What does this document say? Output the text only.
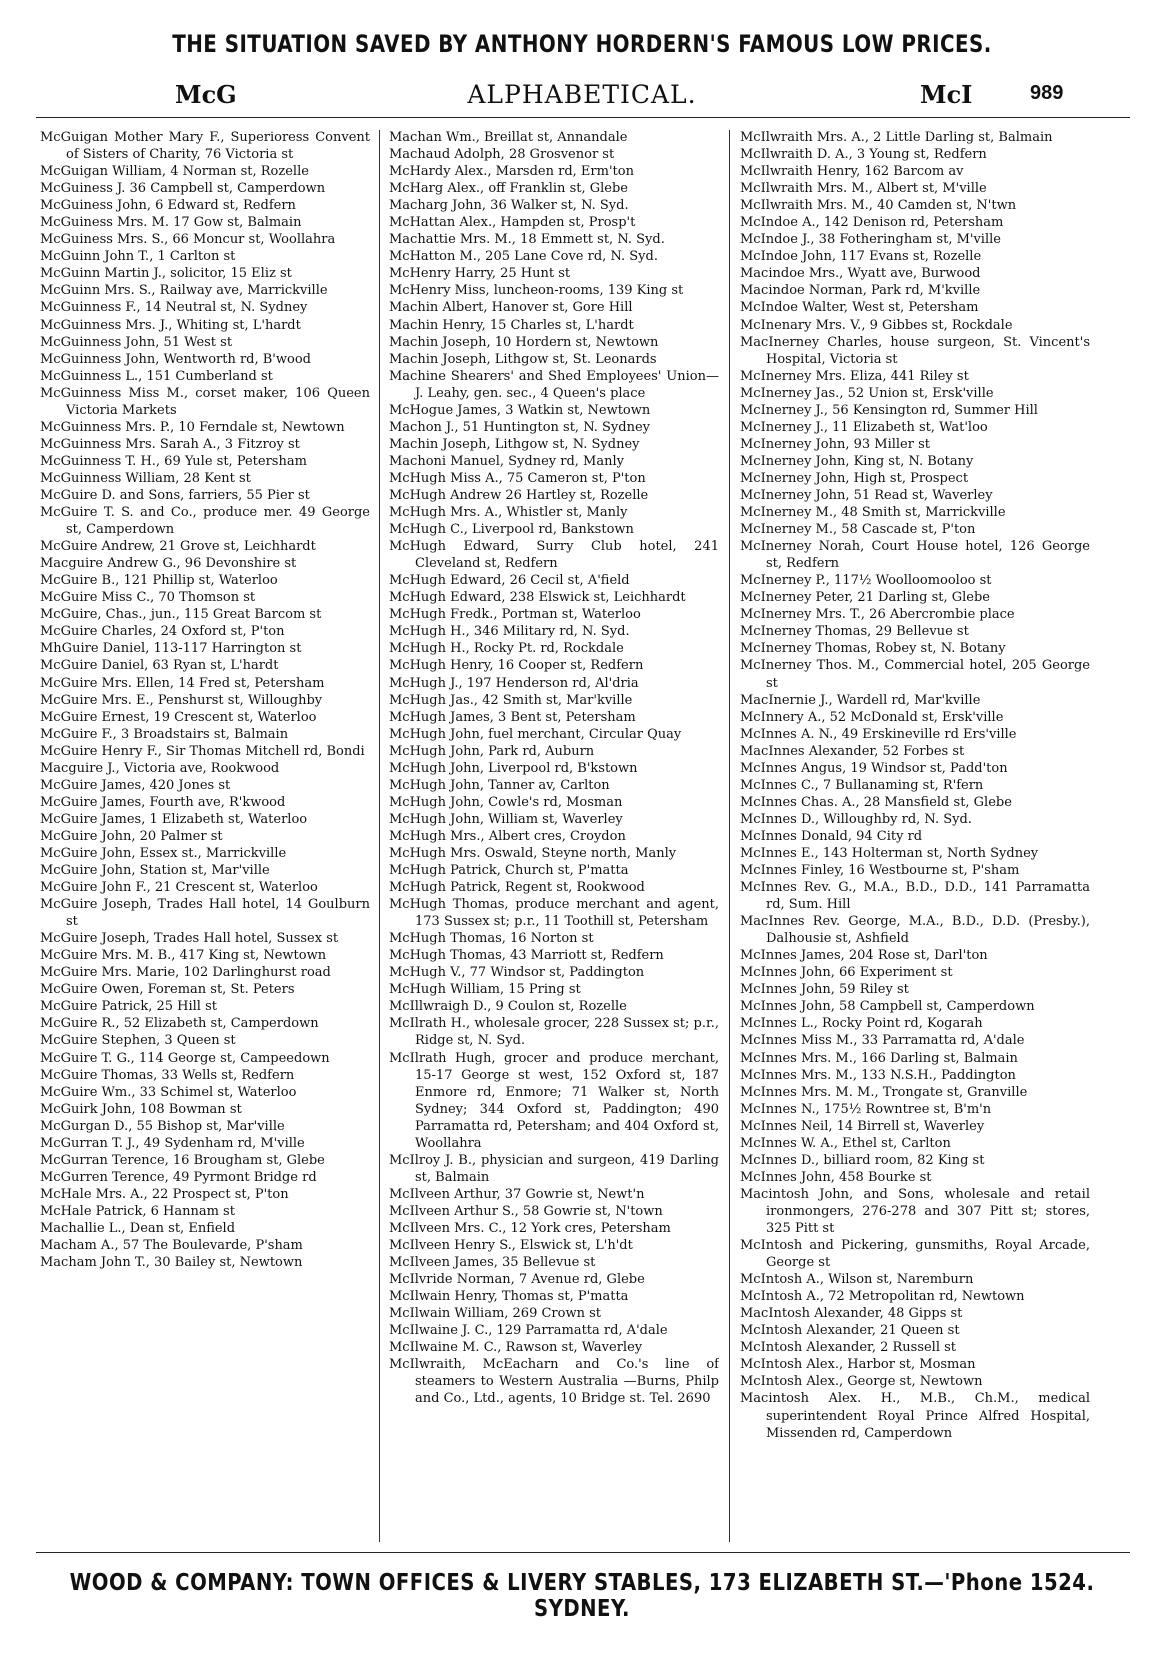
THE SITUATION SAVED BY ANTHONY HORDERN'S FAMOUS LOW PRICES.
McG	ALPHABETICAL.	McI	989

McGuigan Mother Mary F., Superioress Convent of Sisters of Charity, 76 Victoria st

McGuigan William, 4 Norman st, Rozelle

McGuiness J. 36 Campbell st, Camperdown

McGuiness John, 6 Edward st, Redfern

McGuiness Mrs. M. 17 Gow st, Balmain

McGuiness Mrs. S., 66 Moncur st, Woollahra

McGuinn John T., 1 Carlton st

McGuinn Martin J., solicitor, 15 Eliz st

McGuinn Mrs. S., Railway ave, Marrickville

McGuinness F., 14 Neutral st, N. Sydney

McGuinness Mrs. J., Whiting st, L'hardt

McGuinness John, 51 West st

McGuinness John, Wentworth rd, B'wood

McGuinness L., 151 Cumberland st

McGuinness Miss M., corset maker, 106 Queen Victoria Markets

McGuinness Mrs. P., 10 Ferndale st, Newtown

McGuinness Mrs. Sarah A., 3 Fitzroy st

McGuinness T. H., 69 Yule st, Petersham

McGuinness William, 28 Kent st

McGuire D. and Sons, farriers, 55 Pier st

McGuire T. S. and Co., produce mer. 49 George st, Camperdown

McGuire Andrew, 21 Grove st, Leichhardt

Macguire Andrew G., 96 Devonshire st

McGuire B., 121 Phillip st, Waterloo

McGuire Miss C., 70 Thomson st

McGuire, Chas., jun., 115 Great Barcom st

McGuire Charles, 24 Oxford st, P'ton

MhGuire Daniel, 113-117 Harrington st

McGuire Daniel, 63 Ryan st, L'hardt

McGuire Mrs. Ellen, 14 Fred st, Petersham

McGuire Mrs. E., Penshurst st, Willoughby

McGuire Ernest, 19 Crescent st, Waterloo

McGuire F., 3 Broadstairs st, Balmain

McGuire Henry F., Sir Thomas Mitchell rd, Bondi

Macguire J., Victoria ave, Rookwood

McGuire James, 420 Jones st

McGuire James, Fourth ave, R'kwood

McGuire James, 1 Elizabeth st, Waterloo

McGuire John, 20 Palmer st

McGuire John, Essex st., Marrickville

McGuire John, Station st, Mar'ville

McGuire John F., 21 Crescent st, Waterloo

McGuire Joseph, Trades Hall hotel, 14 Goulburn st

McGuire Joseph, Trades Hall hotel, Sussex st

McGuire Mrs. M. B., 417 King st, Newtown

McGuire Mrs. Marie, 102 Darlinghurst road

McGuire Owen, Foreman st, St. Peters

McGuire Patrick, 25 Hill st

McGuire R., 52 Elizabeth st, Camperdown

McGuire Stephen, 3 Queen st

McGuire T. G., 114 George st, Campeedown

McGuire Thomas, 33 Wells st, Redfern

McGuire Wm., 33 Schimel st, Waterloo

McGuirk John, 108 Bowman st

McGurgan D., 55 Bishop st, Mar'ville

McGurran T. J., 49 Sydenham rd, M'ville

McGurran Terence, 16 Brougham st, Glebe

McGurren Terence, 49 Pyrmont Bridge rd

McHale Mrs. A., 22 Prospect st, P'ton

McHale Patrick, 6 Hannam st

Machallie L., Dean st, Enfield

Macham A., 57 The Boulevarde, P'sham

Macham John T., 30 Bailey st, Newtown

Machan Wm., Breillat st, Annandale

Machaud Adolph, 28 Grosvenor st

McHardy Alex., Marsden rd, Erm'ton

McHarg Alex., off Franklin st, Glebe

Macharg John, 36 Walker st, N. Syd.

McHattan Alex., Hampden st, Prosp't

Machattie Mrs. M., 18 Emmett st, N. Syd.

McHatton M., 205 Lane Cove rd, N. Syd.

McHenry Harry, 25 Hunt st

McHenry Miss, luncheon-rooms, 139 King st

Machin Albert, Hanover st, Gore Hill

Machin Henry, 15 Charles st, L'hardt

Machin Joseph, 10 Hordern st, Newtown

Machin Joseph, Lithgow st, St. Leonards

Machine Shearers' and Shed Employees' Union—J. Leahy, gen. sec., 4 Queen's place

McHogue James, 3 Watkin st, Newtown

Machon J., 51 Huntington st, N. Sydney

Machin Joseph, Lithgow st, N. Sydney

Machoni Manuel, Sydney rd, Manly

McHugh Miss A., 75 Cameron st, P'ton

McHugh Andrew 26 Hartley st, Rozelle

McHugh Mrs. A., Whistler st, Manly

McHugh C., Liverpool rd, Bankstown

McHugh Edward, Surry Club hotel, 241 Cleveland st, Redfern

McHugh Edward, 26 Cecil st, A'field

McHugh Edward, 238 Elswick st, Leichhardt

McHugh Fredk., Portman st, Waterloo

McHugh H., 346 Military rd, N. Syd.

McHugh H., Rocky Pt. rd, Rockdale

McHugh Henry, 16 Cooper st, Redfern

McHugh J., 197 Henderson rd, Al'dria

McHugh Jas., 42 Smith st, Mar'kville

McHugh James, 3 Bent st, Petersham

McHugh John, fuel merchant, Circular Quay

McHugh John, Park rd, Auburn

McHugh John, Liverpool rd, B'kstown

McHugh John, Tanner av, Carlton

McHugh John, Cowle's rd, Mosman

McHugh John, William st, Waverley

McHugh Mrs., Albert cres, Croydon

McHugh Mrs. Oswald, Steyne north, Manly

McHugh Patrick, Church st, P'matta

McHugh Patrick, Regent st, Rookwood

McHugh Thomas, produce merchant and agent, 173 Sussex st; p.r., 11 Toothill st, Petersham

McHugh Thomas, 16 Norton st

McHugh Thomas, 43 Marriott st, Redfern

McHugh V., 77 Windsor st, Paddington

McHugh William, 15 Pring st

McIllwraigh D., 9 Coulon st, Rozelle

McIlrath H., wholesale grocer, 228 Sussex st; p.r., Ridge st, N. Syd.

McIlrath Hugh, grocer and produce merchant, 15-17 George st west, 152 Oxford st, 187 Enmore rd, Enmore; 71 Walker st, North Sydney; 344 Oxford st, Paddington; 490 Parramatta rd, Petersham; and 404 Oxford st, Woollahra

McIlroy J. B., physician and surgeon, 419 Darling st, Balmain

McIlveen Arthur, 37 Gowrie st, Newt'n

McIlveen Arthur S., 58 Gowrie st, N'town

McIlveen Mrs. C., 12 York cres, Petersham

McIlveen Henry S., Elswick st, L'h'dt

McIlveen James, 35 Bellevue st

McIlvride Norman, 7 Avenue rd, Glebe

McIlwain Henry, Thomas st, P'matta

McIlwain William, 269 Crown st

McIlwaine J. C., 129 Parramatta rd, A'dale

McIlwaine M. C., Rawson st, Waverley

McIlwraith, McEacharn and Co.'s line of steamers to Western Australia —Burns, Philp and Co., Ltd., agents, 10 Bridge st. Tel. 2690

McIlwraith Mrs. A., 2 Little Darling st, Balmain

McIlwraith D. A., 3 Young st, Redfern

McIlwraith Henry, 162 Barcom av

McIlwraith Mrs. M., Albert st, M'ville

McIlwraith Mrs. M., 40 Camden st, N'twn

McIndoe A., 142 Denison rd, Petersham

McIndoe J., 38 Fotheringham st, M'ville

McIndoe John, 117 Evans st, Rozelle

Macindoe Mrs., Wyatt ave, Burwood

Macindoe Norman, Park rd, M'kville

McIndoe Walter, West st, Petersham

McInenary Mrs. V., 9 Gibbes st, Rockdale

MacInerney Charles, house surgeon, St. Vincent's Hospital, Victoria st

McInerney Mrs. Eliza, 441 Riley st

McInerney Jas., 52 Union st, Ersk'ville

McInerney J., 56 Kensington rd, Summer Hill

McInerney J., 11 Elizabeth st, Wat'loo

McInerney John, 93 Miller st

McInerney John, King st, N. Botany

McInerney John, High st, Prospect

McInerney John, 51 Read st, Waverley

McInerney M., 48 Smith st, Marrickville

McInerney M., 58 Cascade st, P'ton

McInerney Norah, Court House hotel, 126 George st, Redfern

McInerney P., 117½ Woolloomooloo st

McInerney Peter, 21 Darling st, Glebe

McInerney Mrs. T., 26 Abercrombie place

McInerney Thomas, 29 Bellevue st

McInerney Thomas, Robey st, N. Botany

McInerney Thos. M., Commercial hotel, 205 George st

MacInernie J., Wardell rd, Mar'kville

McInnery A., 52 McDonald st, Ersk'ville

McInnes A. N., 49 Erskineville rd Ers'ville

MacInnes Alexander, 52 Forbes st

McInnes Angus, 19 Windsor st, Padd'ton

McInnes C., 7 Bullanaming st, R'fern

McInnes Chas. A., 28 Mansfield st, Glebe

McInnes D., Willoughby rd, N. Syd.

McInnes Donald, 94 City rd

McInnes E., 143 Holterman st, North Sydney

McInnes Finley, 16 Westbourne st, P'sham

McInnes Rev. G., M.A., B.D., D.D., 141 Parramatta rd, Sum. Hill

MacInnes Rev. George, M.A., B.D., D.D. (Presby.), Dalhousie st, Ashfield

McInnes James, 204 Rose st, Darl'ton

McInnes John, 66 Experiment st

McInnes John, 59 Riley st

McInnes John, 58 Campbell st, Camperdown

McInnes L., Rocky Point rd, Kogarah

McInnes Miss M., 33 Parramatta rd, A'dale

McInnes Mrs. M., 166 Darling st, Balmain

McInnes Mrs. M., 133 N.S.H., Paddington

McInnes Mrs. M. M., Trongate st, Granville

McInnes N., 175½ Rowntree st, B'm'n

McInnes Neil, 14 Birrell st, Waverley

McInnes W. A., Ethel st, Carlton

McInnes D., billiard room, 82 King st

McInnes John, 458 Bourke st

Macintosh John, and Sons, wholesale and retail ironmongers, 276-278 and 307 Pitt st; stores, 325 Pitt st

McIntosh and Pickering, gunsmiths, Royal Arcade, George st

McIntosh A., Wilson st, Naremburn

McIntosh A., 72 Metropolitan rd, Newtown

MacIntosh Alexander, 48 Gipps st

McIntosh Alexander, 21 Queen st

McIntosh Alexander, 2 Russell st

McIntosh Alex., Harbor st, Mosman

McIntosh Alex., George st, Newtown

Macintosh Alex. H., M.B., Ch.M., medical superintendent Royal Prince Alfred Hospital, Missenden rd, Camperdown

WOOD & COMPANY: TOWN OFFICES & LIVERY STABLES, 173 ELIZABETH ST.—'Phone 1524. SYDNEY.
